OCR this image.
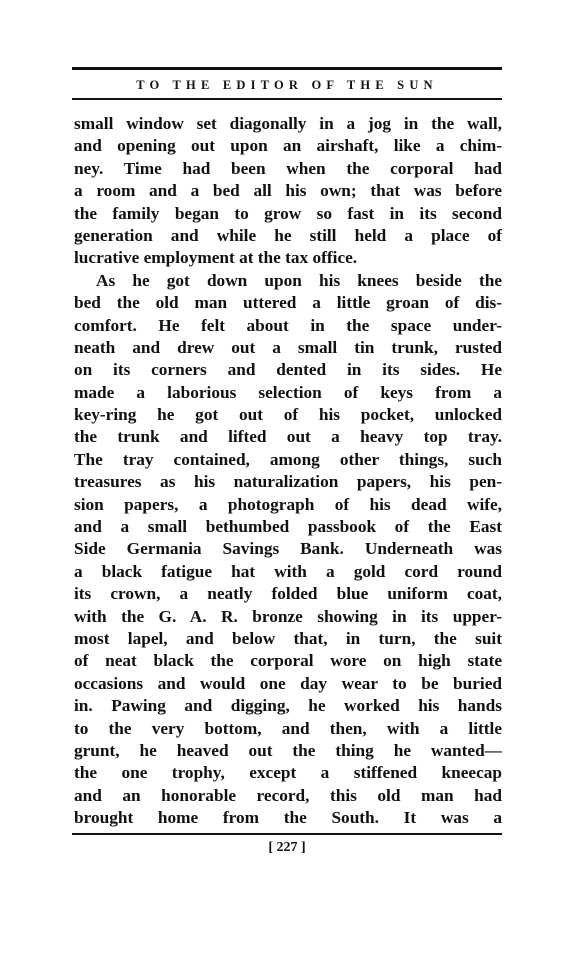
TO THE EDITOR OF THE SUN
small window set diagonally in a jog in the wall,
and opening out upon an airshaft, like a chim-
ney. Time had been when the corporal had
a room and a bed all his own; that was before
the family began to grow so fast in its second
generation and while he still held a place of
lucrative employment at the tax office.
As he got down upon his knees beside the
bed the old man uttered a little groan of dis-
comfort. He felt about in the space under-
neath and drew out a small tin trunk, rusted
on its corners and dented in its sides. He
made a laborious selection of keys from a
key-ring he got out of his pocket, unlocked
the trunk and lifted out a heavy top tray.
The tray contained, among other things, such
treasures as his naturalization papers, his pen-
sion papers, a photograph of his dead wife,
and a small bethumbed passbook of the East
Side Germania Savings Bank. Underneath was
a black fatigue hat with a gold cord round
its crown, a neatly folded blue uniform coat,
with the G. A. R. bronze showing in its upper-
most lapel, and below that, in turn, the suit
of neat black the corporal wore on high state
occasions and would one day wear to be buried
in. Pawing and digging, he worked his hands
to the very bottom, and then, with a little
grunt, he heaved out the thing he wanted—
the one trophy, except a stiffened kneecap
and an honorable record, this old man had
brought home from the South. It was a
[ 227 ]
